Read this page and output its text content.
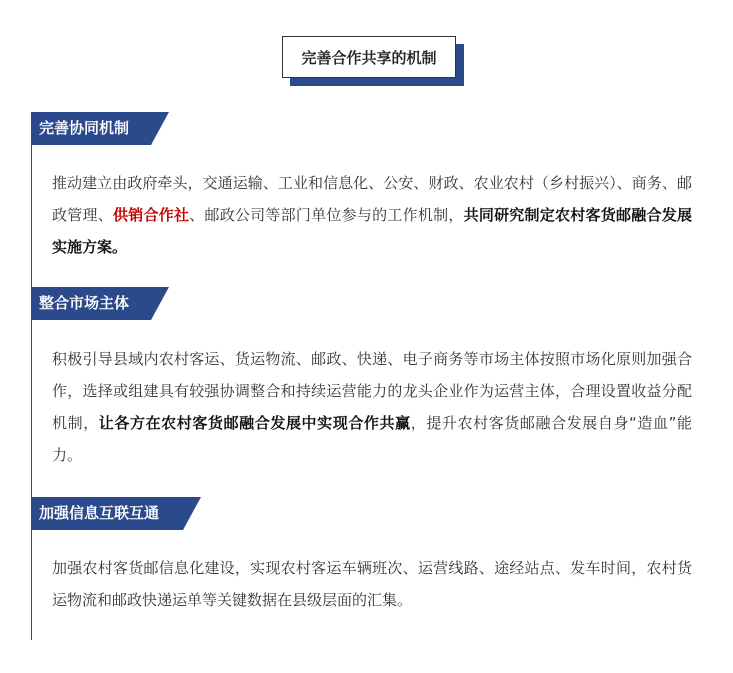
完善合作共享的机制
完善协同机制
推动建立由政府牵头，交通运输、工业和信息化、公安、财政、农业农村（乡村振兴）、商务、邮政管理、供销合作社、邮政公司等部门单位参与的工作机制，共同研究制定农村客货邮融合发展实施方案。
整合市场主体
积极引导县域内农村客运、货运物流、邮政、快递、电子商务等市场主体按照市场化原则加强合作，选择或组建具有较强协调整合和持续运营能力的龙头企业作为运营主体，合理设置收益分配机制，让各方在农村客货邮融合发展中实现合作共赢，提升农村客货邮融合发展自身“造血”能力。
加强信息互联互通
加强农村客货邮信息化建设，实现农村客运车辆班次、运营线路、途经站点、发车时间，农村货运物流和邮政快递运单等关键数据在县级层面的汇集。
